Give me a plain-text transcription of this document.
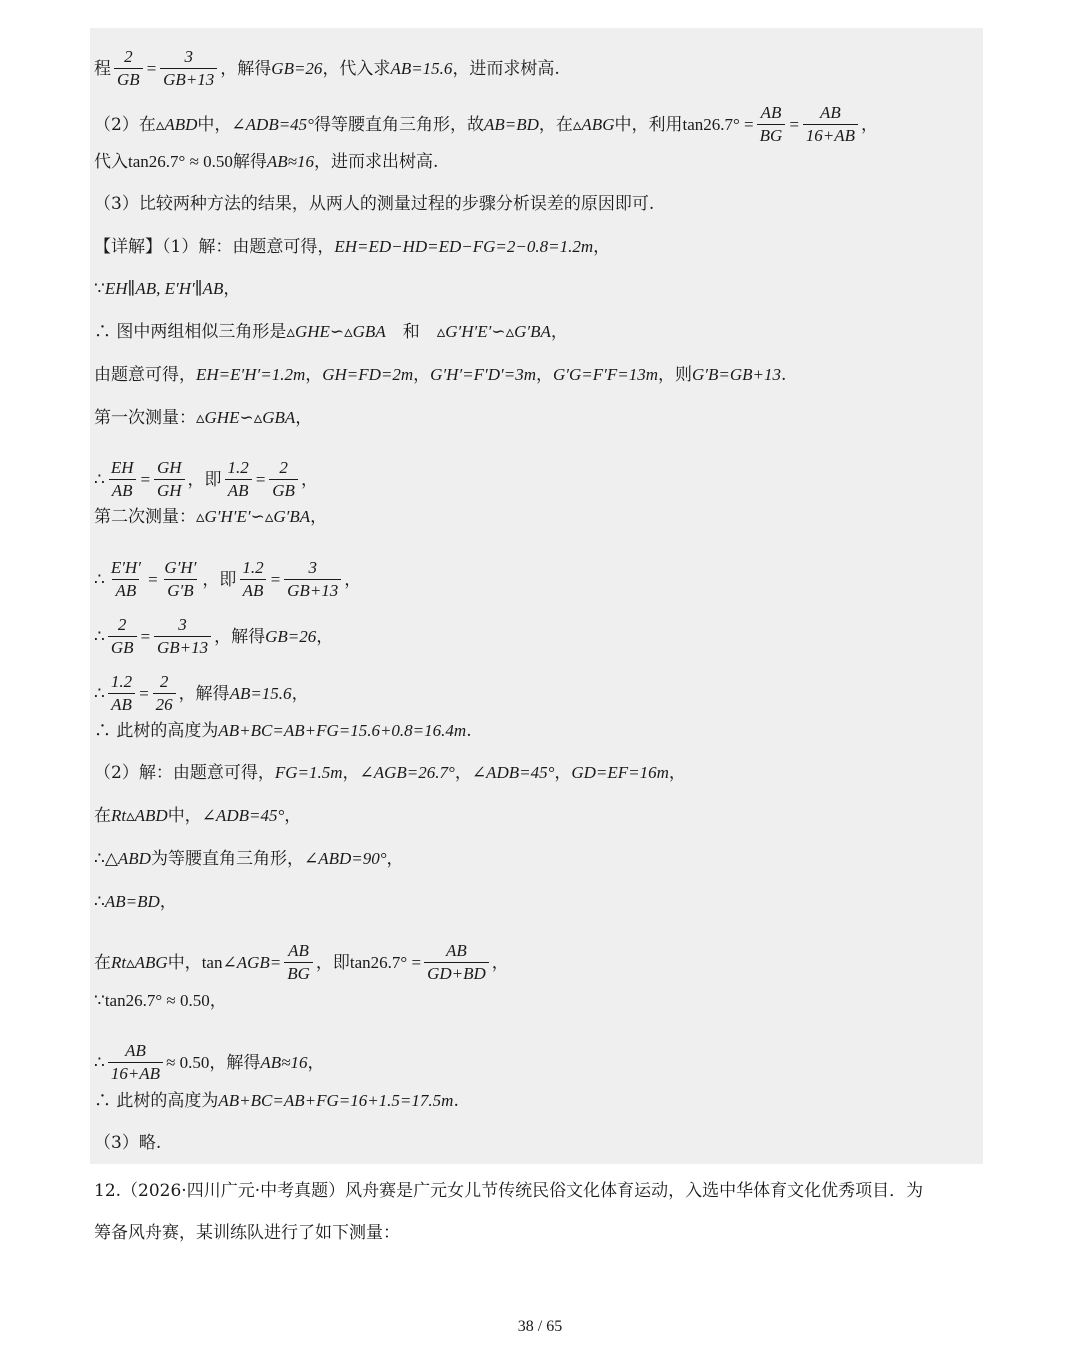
程 $\frac{2}{GB} = \frac{3}{GB+13}$ ，解得 GB=26 ，代入求 AB=15.6 ，进而求树高.
（2）在 ▵ABD 中， ∠ADB=45° 得等腰直角三角形，故 AB=BD ，在 ▵ABG 中，利用 $\tan 26.7^\circ = \frac{AB}{BG} = \frac{AB}{16+AB}$ ，
代入 tan26.7° ≈ 0.50 解得 AB≈16 ，进而求出树高.
（3）比较两种方法的结果，从两人的测量过程的步骤分析误差的原因即可.
【详解】（1）解：由题意可得， EH=ED−HD=ED−FG=2−0.8=1.2m ，
∵ EH∥AB, E′H′∥AB ，
∴ 图中两组相似三角形是 ▵GHE∽▵GBA 　和　 ▵G′H′E′∽▵G′BA ，
由题意可得， EH=E′H′=1.2m ， GH=FD=2m ， G′H′=F′D′=3m ， G′G=F′F=13m ，则 G′B=GB+13 .
第一次测量： ▵GHE∽▵GBA ，
∴ $\frac{EH}{AB} = \frac{GH}{GH}$ ，即 $\frac{1.2}{AB} = \frac{2}{GB}$ ，
第二次测量： ▵G′H′E′∽▵G′BA ，
∴ $\frac{E'H'}{AB} = \frac{G'H'}{G'B}$ ，即 $\frac{1.2}{AB} = \frac{3}{GB+13}$ ，
∴ $\frac{2}{GB} = \frac{3}{GB+13}$ ，解得 GB=26 ，
∴ $\frac{1.2}{AB} = \frac{2}{26}$ ，解得 AB=15.6 ，
∴ 此树的高度为 AB+BC=AB+FG=15.6+0.8=16.4m .
（2）解：由题意可得， FG=1.5m ， ∠AGB=26.7° ， ∠ADB=45° ， GD=EF=16m ，
在 Rt▵ABD 中， ∠ADB=45° ，
∴ △ABD 为等腰直角三角形， ∠ABD=90° ，
∴ AB=BD ，
在 Rt▵ABG 中， tan ∠AGB= $\frac{AB}{BG}$ ，即 $\tan 26.7^\circ = \frac{AB}{GD+BD}$ ，
∵ tan26.7° ≈ 0.50 ，
∴ $\frac{AB}{16+AB} \approx 0.50$ ，解得 AB≈16 ，
∴ 此树的高度为 AB+BC=AB+FG=16+1.5=17.5m .
（3）略.
12.（2026·四川广元·中考真题）风舟赛是广元女儿节传统民俗文化体育运动，入选中华体育文化优秀项目．为
筹备风舟赛，某训练队进行了如下测量：
38 / 65
